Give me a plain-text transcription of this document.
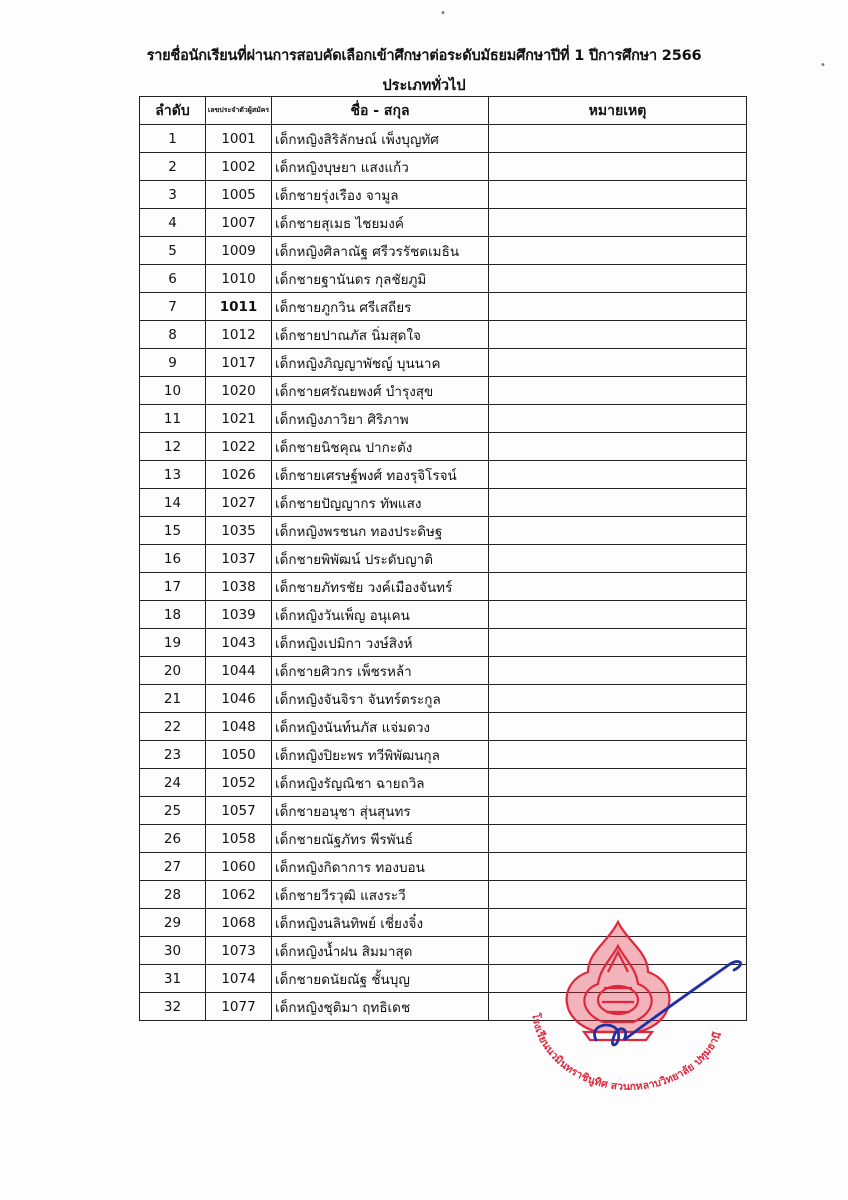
รายชื่อนักเรียนที่ผ่านการสอบคัดเลือกเข้าศึกษาต่อระดับมัธยมศึกษาปีที่ 1 ปีการศึกษา 2566
ประเภททั่วไป
ลำดับ	เลขประจำตัวผู้สมัคร	ชื่อ - สกุล	หมายเหตุ
1	1001	เด็กหญิงสิริลักษณ์ เพ็งบุญทัศ	
2	1002	เด็กหญิงบุษยา แสงแก้ว	
3	1005	เด็กชายรุ่งเรือง จามูล	
4	1007	เด็กชายสุเมธ ไชยมงค์	
5	1009	เด็กหญิงศิลาณัฐ ศรีวรรัชตเมธิน	
6	1010	เด็กชายฐานันดร กุลชัยภูมิ	
7	1011	เด็กชายภูกวิน ศรีเสถียร	
8	1012	เด็กชายปาณภัส นิ่มสุดใจ	
9	1017	เด็กหญิงภิญญาพัชญ์ บุนนาค	
10	1020	เด็กชายศรัณยพงศ์ บำรุงสุข	
11	1021	เด็กหญิงภาวิยา ศิริภาพ	
12	1022	เด็กชายนิชคุณ ปากะตัง	
13	1026	เด็กชายเศรษฐ์พงศ์ ทองรุจิโรจน์	
14	1027	เด็กชายปัญญากร ทัพแสง	
15	1035	เด็กหญิงพรชนก ทองประดิษฐ	
16	1037	เด็กชายพิพัฒน์ ประดับญาติ	
17	1038	เด็กชายภัทรชัย วงค์เมืองจันทร์	
18	1039	เด็กหญิงวันเพ็ญ อนุเคน	
19	1043	เด็กหญิงเปมิกา วงษ์สิงห์	
20	1044	เด็กชายศิวกร เพ็ชรหล้า	
21	1046	เด็กหญิงจันจิรา จันทร์ตระกูล	
22	1048	เด็กหญิงนันท์นภัส แจ่มดวง	
23	1050	เด็กหญิงปิยะพร ทวีพิพัฒนกุล	
24	1052	เด็กหญิงรัญณิชา ฉายถวิล	
25	1057	เด็กชายอนุชา สุ่นสุนทร	
26	1058	เด็กชายณัฐภัทร พีรพันธ์	
27	1060	เด็กหญิงกิดาการ ทองบอน	
28	1062	เด็กชายวีรวุฒิ แสงระวี	
29	1068	เด็กหญิงนลินทิพย์ เชี่ยงจิ๋ง	
30	1073	เด็กหญิงน้ำฝน สิมมาสุด	
31	1074	เด็กชายดนัยณัฐ ชั้นบุญ	
32	1077	เด็กหญิงชุติมา ฤทธิเดช	
•
•
โรงเรียนนวมินทราชินูทิศ สวนกุหลาบวิทยาลัย ปทุมธานี
